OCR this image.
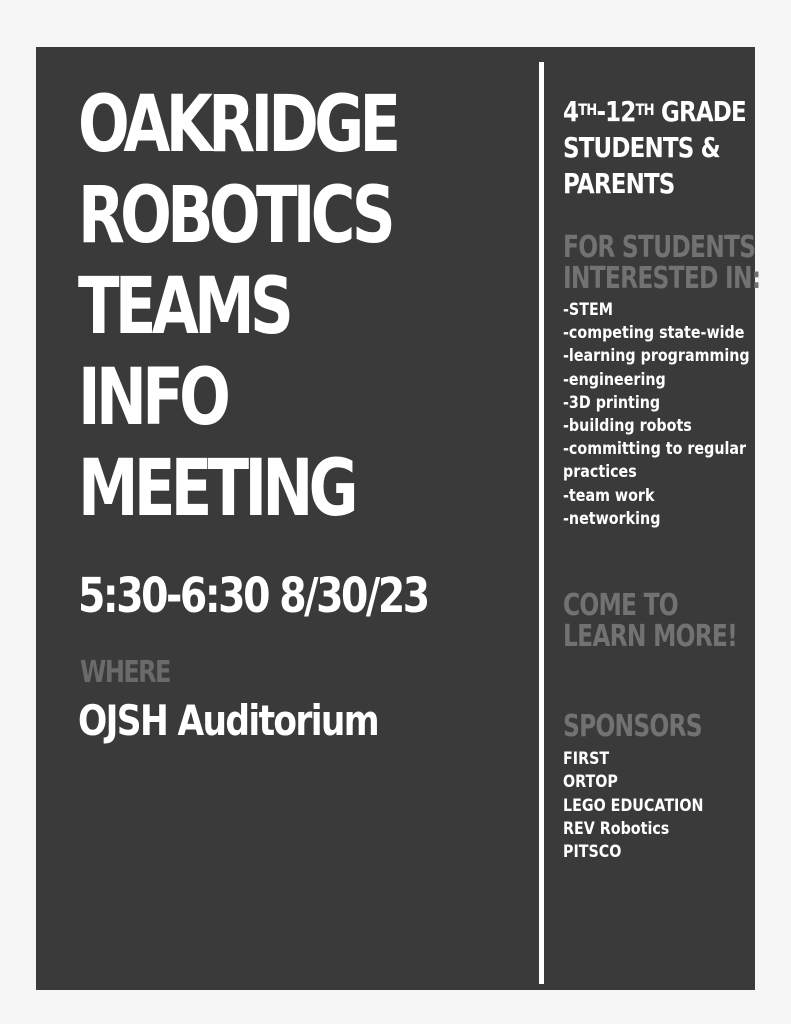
OAKRIDGE
ROBOTICS
TEAMS
INFO
MEETING
5:30-6:30 8/30/23
WHERE
OJSH Auditorium
4TH-12TH GRADE
STUDENTS &
PARENTS
FOR STUDENTS
INTERESTED IN:
-STEM
-competing state-wide
-learning programming
-engineering
-3D printing
-building robots
-committing to regular
practices
-team work
-networking
COME TO
LEARN MORE!
SPONSORS
FIRST
ORTOP
LEGO EDUCATION
REV Robotics
PITSCO
